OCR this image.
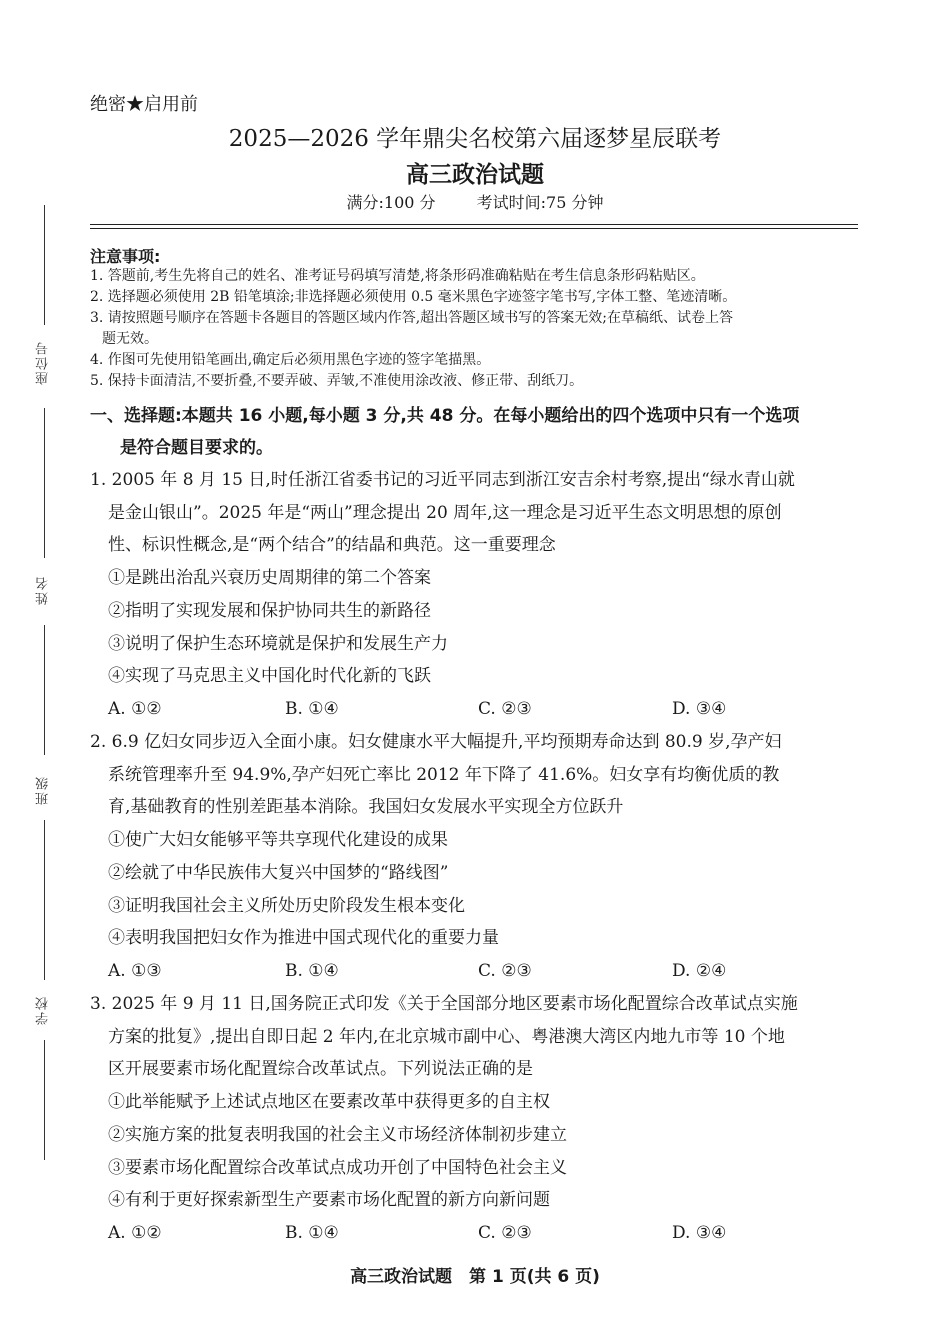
绝密★启用前
2025—2026 学年鼎尖名校第六届逐梦星辰联考
高三政治试题
满分:100 分	考试时间:75 分钟
座位号
姓名
班级
学校
注意事项:
1. 答题前,考生先将自己的姓名、准考证号码填写清楚,将条形码准确粘贴在考生信息条形码粘贴区。
2. 选择题必须使用 2B 铅笔填涂;非选择题必须使用 0.5 毫米黑色字迹签字笔书写,字体工整、笔迹清晰。
3. 请按照题号顺序在答题卡各题目的答题区域内作答,超出答题区域书写的答案无效;在草稿纸、试卷上答
题无效。
4. 作图可先使用铅笔画出,确定后必须用黑色字迹的签字笔描黑。
5. 保持卡面清洁,不要折叠,不要弄破、弄皱,不准使用涂改液、修正带、刮纸刀。
一、选择题:本题共 16 小题,每小题 3 分,共 48 分。在每小题给出的四个选项中只有一个选项
是符合题目要求的。
1. 2005 年 8 月 15 日,时任浙江省委书记的习近平同志到浙江安吉余村考察,提出“绿水青山就
是金山银山”。2025 年是“两山”理念提出 20 周年,这一理念是习近平生态文明思想的原创
性、标识性概念,是“两个结合”的结晶和典范。这一重要理念
①是跳出治乱兴衰历史周期律的第二个答案
②指明了实现发展和保护协同共生的新路径
③说明了保护生态环境就是保护和发展生产力
④实现了马克思主义中国化时代化新的飞跃
A. ①②	B. ①④	C. ②③	D. ③④
2. 6.9 亿妇女同步迈入全面小康。妇女健康水平大幅提升,平均预期寿命达到 80.9 岁,孕产妇
系统管理率升至 94.9%,孕产妇死亡率比 2012 年下降了 41.6%。妇女享有均衡优质的教
育,基础教育的性别差距基本消除。我国妇女发展水平实现全方位跃升
①使广大妇女能够平等共享现代化建设的成果
②绘就了中华民族伟大复兴中国梦的“路线图”
③证明我国社会主义所处历史阶段发生根本变化
④表明我国把妇女作为推进中国式现代化的重要力量
A. ①③	B. ①④	C. ②③	D. ②④
3. 2025 年 9 月 11 日,国务院正式印发《关于全国部分地区要素市场化配置综合改革试点实施
方案的批复》,提出自即日起 2 年内,在北京城市副中心、粤港澳大湾区内地九市等 10 个地
区开展要素市场化配置综合改革试点。下列说法正确的是
①此举能赋予上述试点地区在要素改革中获得更多的自主权
②实施方案的批复表明我国的社会主义市场经济体制初步建立
③要素市场化配置综合改革试点成功开创了中国特色社会主义
④有利于更好探索新型生产要素市场化配置的新方向新问题
A. ①②	B. ①④	C. ②③	D. ③④
高三政治试题　第 1 页(共 6 页)
